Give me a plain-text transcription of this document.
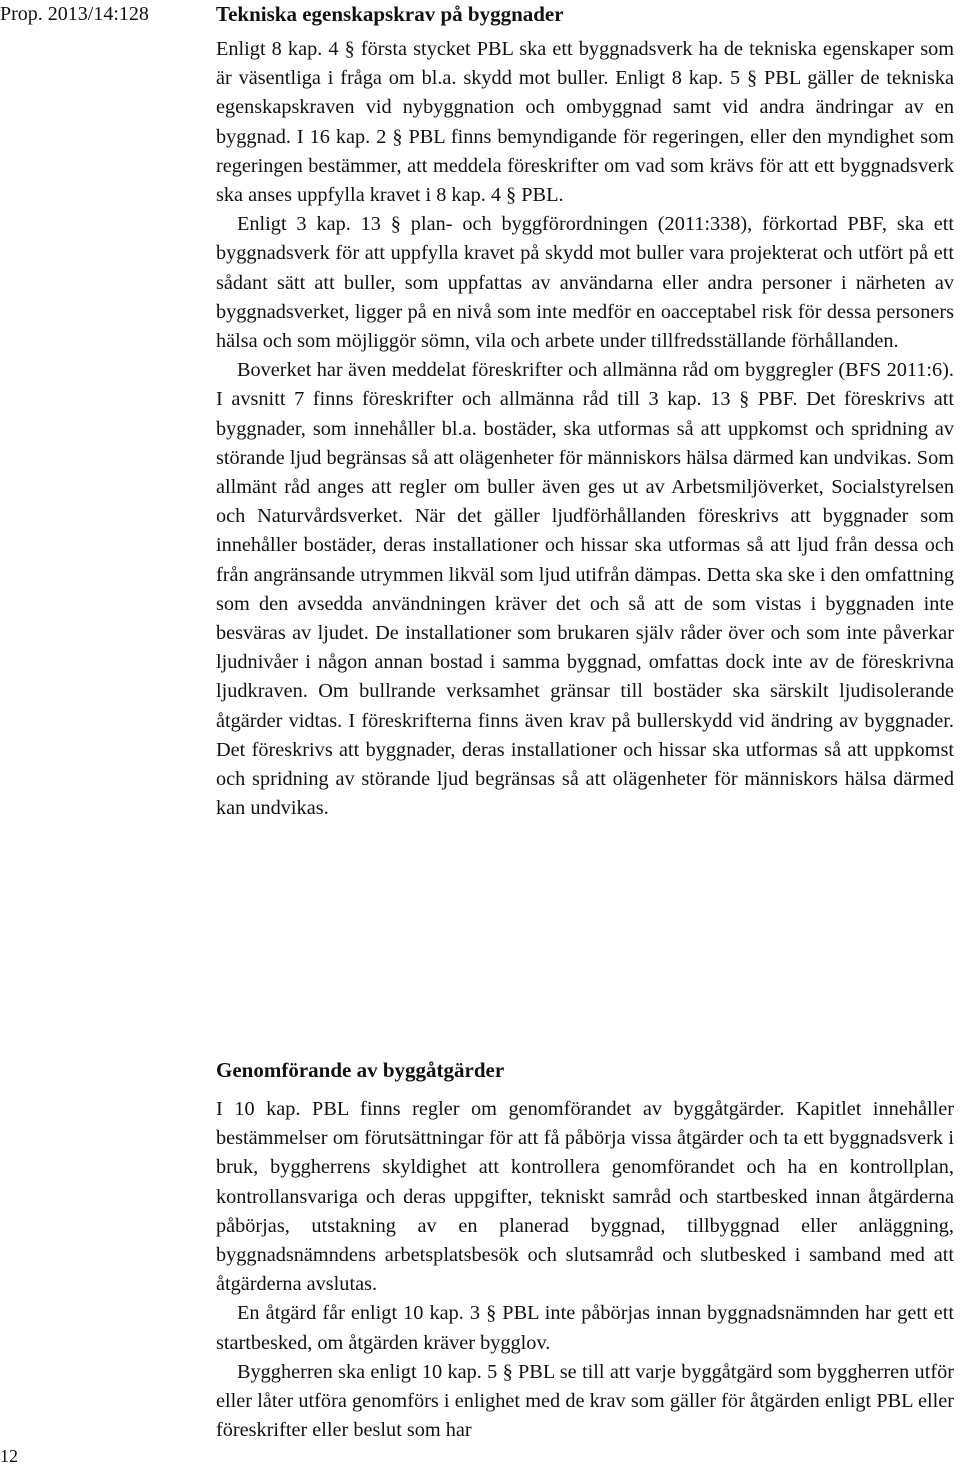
Prop. 2013/14:128
12
Tekniska egenskapskrav på byggnader

Enligt 8 kap. 4 § första stycket PBL ska ett byggnadsverk ha de tekniska egenskaper som är väsentliga i fråga om bl.a. skydd mot buller. Enligt 8 kap. 5 § PBL gäller de tekniska egenskapskraven vid nybyggnation och ombyggnad samt vid andra ändringar av en byggnad. I 16 kap. 2 § PBL finns bemyndigande för regeringen, eller den myndighet som regeringen bestämmer, att meddela föreskrifter om vad som krävs för att ett byggnadsverk ska anses uppfylla kravet i 8 kap. 4 § PBL.

Enligt 3 kap. 13 § plan- och byggförordningen (2011:338), förkortad PBF, ska ett byggnadsverk för att uppfylla kravet på skydd mot buller vara projekterat och utfört på ett sådant sätt att buller, som uppfattas av användarna eller andra personer i närheten av byggnadsverket, ligger på en nivå som inte medför en oacceptabel risk för dessa personers hälsa och som möjliggör sömn, vila och arbete under tillfredsställande förhållanden.

Boverket har även meddelat föreskrifter och allmänna råd om byggregler (BFS 2011:6). I avsnitt 7 finns föreskrifter och allmänna råd till 3 kap. 13 § PBF. Det föreskrivs att byggnader, som innehåller bl.a. bostäder, ska utformas så att uppkomst och spridning av störande ljud begränsas så att olägenheter för människors hälsa därmed kan undvikas. Som allmänt råd anges att regler om buller även ges ut av Arbetsmiljöverket, Socialstyrelsen och Naturvårdsverket. När det gäller ljudförhållanden föreskrivs att byggnader som innehåller bostäder, deras installationer och hissar ska utformas så att ljud från dessa och från angränsande utrymmen likväl som ljud utifrån dämpas. Detta ska ske i den omfattning som den avsedda användningen kräver det och så att de som vistas i byggnaden inte besväras av ljudet. De installationer som brukaren själv råder över och som inte påverkar ljudnivåer i någon annan bostad i samma byggnad, omfattas dock inte av de föreskrivna ljudkraven. Om bullrande verksamhet gränsar till bostäder ska särskilt ljudisolerande åtgärder vidtas. I föreskrifterna finns även krav på bullerskydd vid ändring av byggnader. Det föreskrivs att byggnader, deras installationer och hissar ska utformas så att uppkomst och spridning av störande ljud begränsas så att olägenheter för människors hälsa därmed kan undvikas.

Genomförande av byggåtgärder

I 10 kap. PBL finns regler om genomförandet av byggåtgärder. Kapitlet innehåller bestämmelser om förutsättningar för att få påbörja vissa åtgärder och ta ett byggnadsverk i bruk, byggherrens skyldighet att kontrollera genomförandet och ha en kontrollplan, kontrollansvariga och deras uppgifter, tekniskt samråd och startbesked innan åtgärderna påbörjas, utstakning av en planerad byggnad, tillbyggnad eller anläggning, byggnadsnämndens arbetsplatsbesök och slutsamråd och slutbesked i samband med att åtgärderna avslutas.

En åtgärd får enligt 10 kap. 3 § PBL inte påbörjas innan byggnadsnämnden har gett ett startbesked, om åtgärden kräver bygglov.

Byggherren ska enligt 10 kap. 5 § PBL se till att varje byggåtgärd som byggherren utför eller låter utföra genomförs i enlighet med de krav som gäller för åtgärden enligt PBL eller föreskrifter eller beslut som har
